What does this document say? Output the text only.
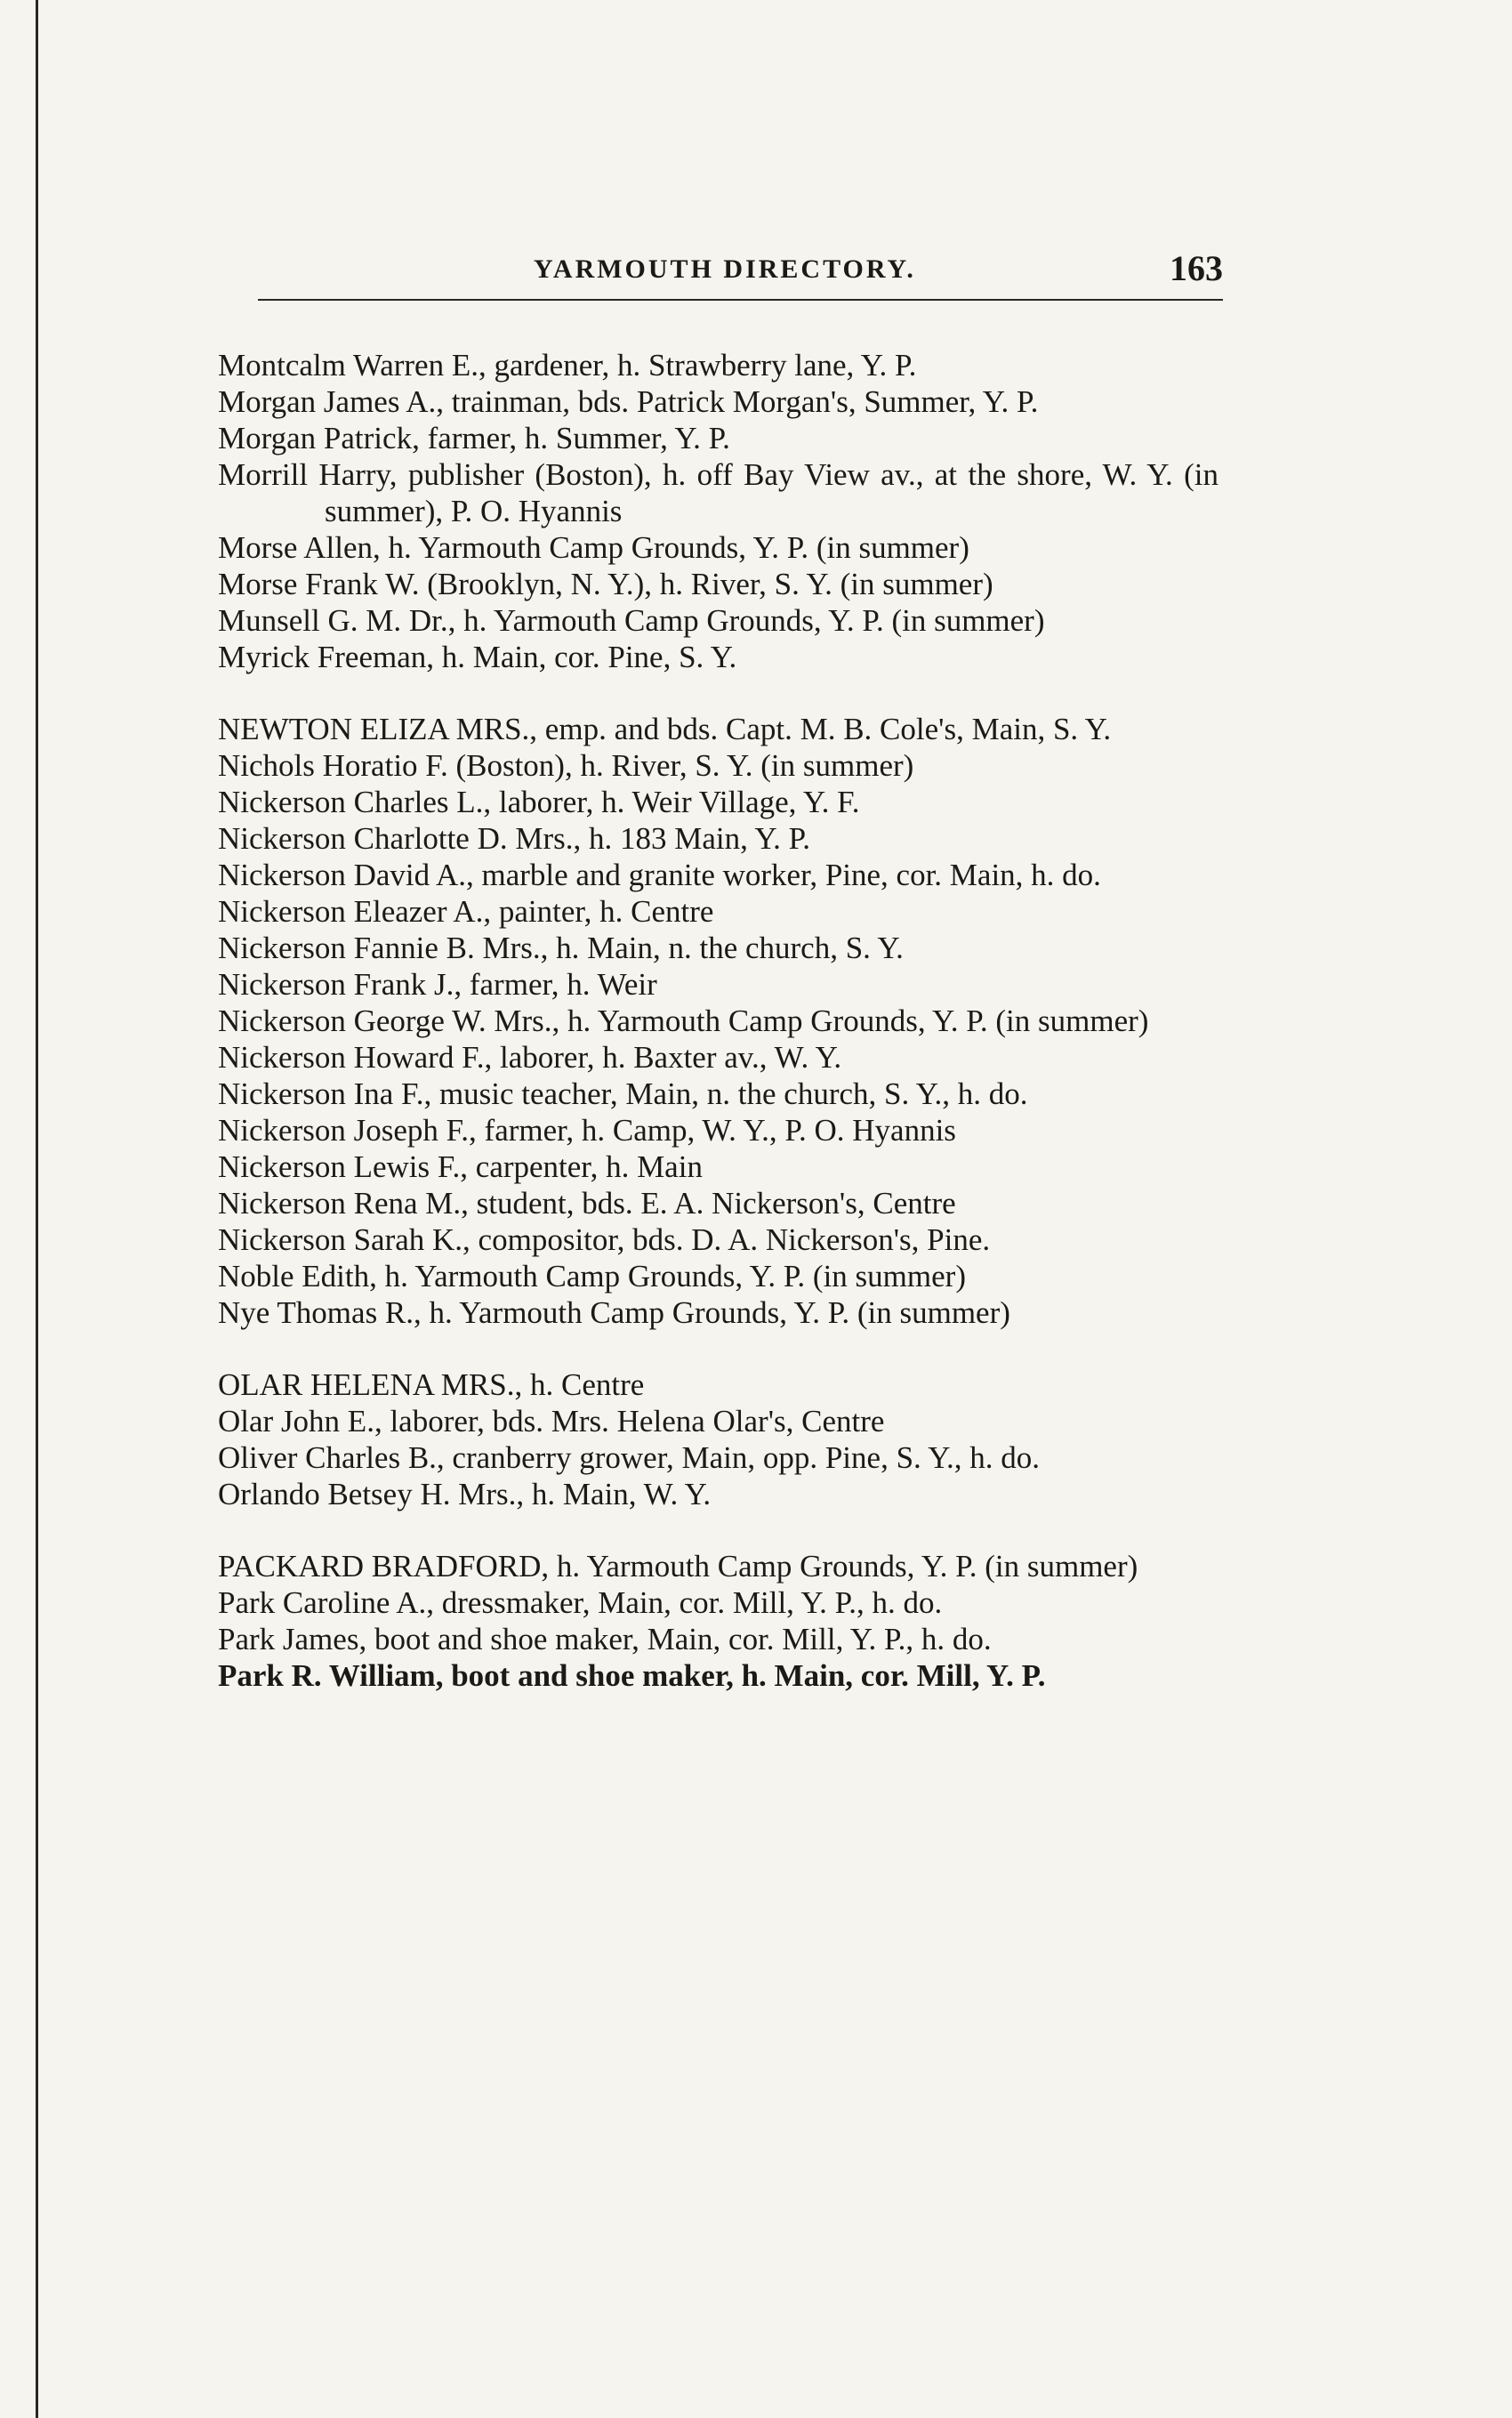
YARMOUTH DIRECTORY.	163
Montcalm Warren E., gardener, h. Strawberry lane, Y. P.
Morgan James A., trainman, bds. Patrick Morgan's, Summer, Y. P.
Morgan Patrick, farmer, h. Summer, Y. P.
Morrill Harry, publisher (Boston), h. off Bay View av., at the shore, W. Y. (in summer), P. O. Hyannis
Morse Allen, h. Yarmouth Camp Grounds, Y. P. (in summer)
Morse Frank W. (Brooklyn, N. Y.), h. River, S. Y. (in summer)
Munsell G. M. Dr., h. Yarmouth Camp Grounds, Y. P. (in summer)
Myrick Freeman, h. Main, cor. Pine, S. Y.
NEWTON ELIZA MRS., emp. and bds. Capt. M. B. Cole's, Main, S. Y.
Nichols Horatio F. (Boston), h. River, S. Y. (in summer)
Nickerson Charles L., laborer, h. Weir Village, Y. F.
Nickerson Charlotte D. Mrs., h. 183 Main, Y. P.
Nickerson David A., marble and granite worker, Pine, cor. Main, h. do.
Nickerson Eleazer A., painter, h. Centre
Nickerson Fannie B. Mrs., h. Main, n. the church, S. Y.
Nickerson Frank J., farmer, h. Weir
Nickerson George W. Mrs., h. Yarmouth Camp Grounds, Y. P. (in summer)
Nickerson Howard F., laborer, h. Baxter av., W. Y.
Nickerson Ina F., music teacher, Main, n. the church, S. Y., h. do.
Nickerson Joseph F., farmer, h. Camp, W. Y., P. O. Hyannis
Nickerson Lewis F., carpenter, h. Main
Nickerson Rena M., student, bds. E. A. Nickerson's, Centre
Nickerson Sarah K., compositor, bds. D. A. Nickerson's, Pine.
Noble Edith, h. Yarmouth Camp Grounds, Y. P. (in summer)
Nye Thomas R., h. Yarmouth Camp Grounds, Y. P. (in summer)
OLAR HELENA MRS., h. Centre
Olar John E., laborer, bds. Mrs. Helena Olar's, Centre
Oliver Charles B., cranberry grower, Main, opp. Pine, S. Y., h. do.
Orlando Betsey H. Mrs., h. Main, W. Y.
PACKARD BRADFORD, h. Yarmouth Camp Grounds, Y. P. (in summer)
Park Caroline A., dressmaker, Main, cor. Mill, Y. P., h. do.
Park James, boot and shoe maker, Main, cor. Mill, Y. P., h. do.
Park R. William, boot and shoe maker, h. Main, cor. Mill, Y. P.
